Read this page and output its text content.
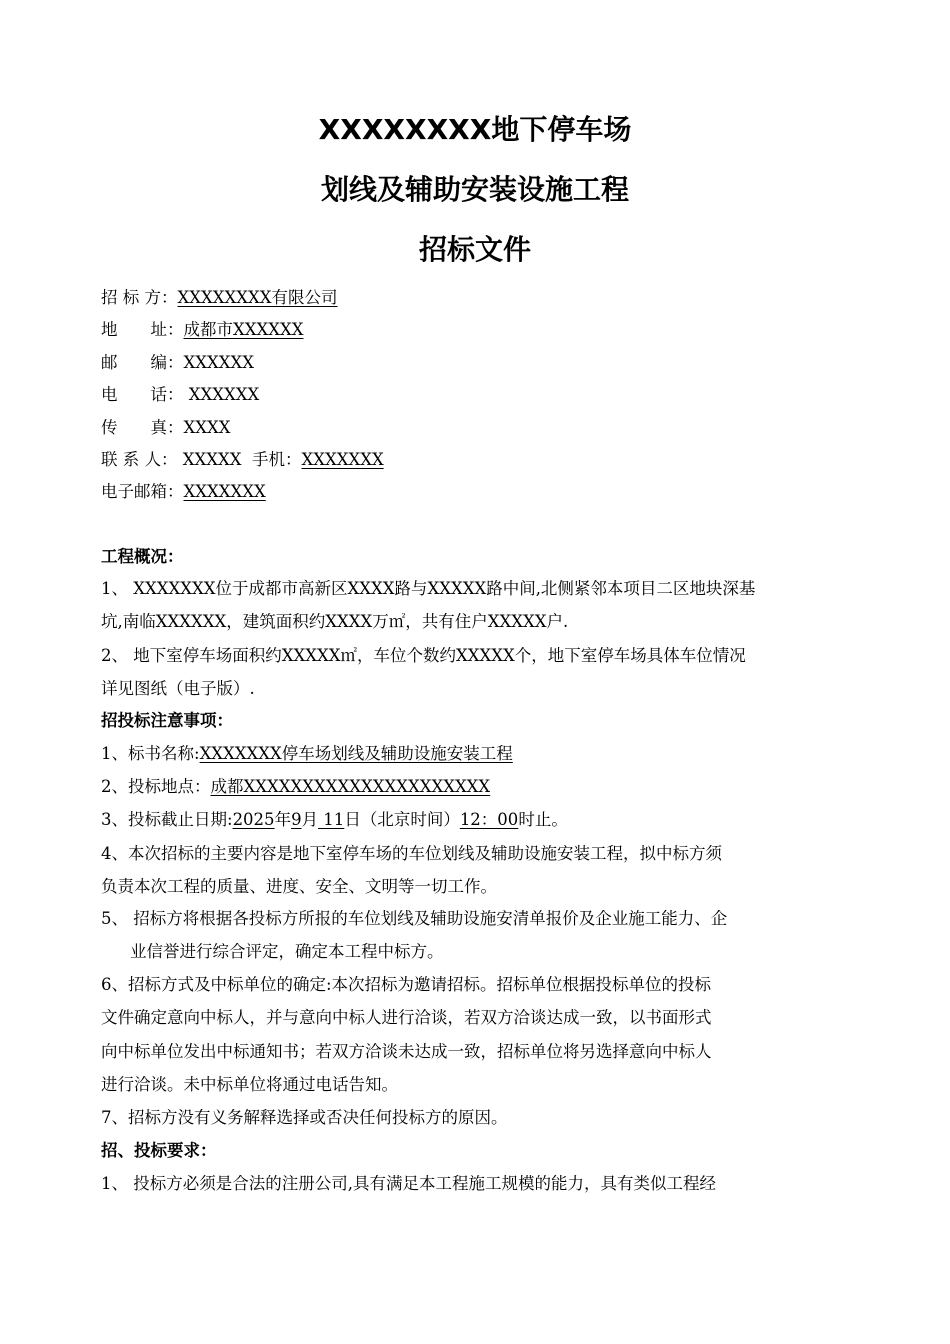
XXXXXXXX地下停车场
划线及辅助安装设施工程
招标文件
招 标 方：XXXXXXXX有限公司
地　　址：成都市XXXXXX
邮　　编：XXXXXX
电　　话： XXXXXX
传　　真：XXXX
联 系 人： XXXXX  手机：XXXXXXX
电子邮箱：XXXXXXX
工程概况：
1、 XXXXXXX位于成都市高新区XXXX路与XXXXX路中间,北侧紧邻本项目二区地块深基
坑,南临XXXXXX，建筑面积约XXXX万㎡，共有住户XXXXX户.
2、 地下室停车场面积约XXXXX㎡，车位个数约XXXXX个，地下室停车场具体车位情况
详见图纸（电子版）.
招投标注意事项：
1、标书名称:XXXXXXX停车场划线及辅助设施安装工程
2、投标地点：成都XXXXXXXXXXXXXXXXXXXXX
3、投标截止日期:2025年9月 11日（北京时间）12：00时止。
4、本次招标的主要内容是地下室停车场的车位划线及辅助设施安装工程，拟中标方须
负责本次工程的质量、进度、安全、文明等一切工作。
5、 招标方将根据各投标方所报的车位划线及辅助设施安清单报价及企业施工能力、企
业信誉进行综合评定，确定本工程中标方。
6、招标方式及中标单位的确定:本次招标为邀请招标。招标单位根据投标单位的投标
文件确定意向中标人，并与意向中标人进行洽谈，若双方洽谈达成一致，以书面形式
向中标单位发出中标通知书；若双方洽谈未达成一致，招标单位将另选择意向中标人
进行洽谈。未中标单位将通过电话告知。
7、招标方没有义务解释选择或否决任何投标方的原因。
招、投标要求：
1、 投标方必须是合法的注册公司,具有满足本工程施工规模的能力，具有类似工程经
